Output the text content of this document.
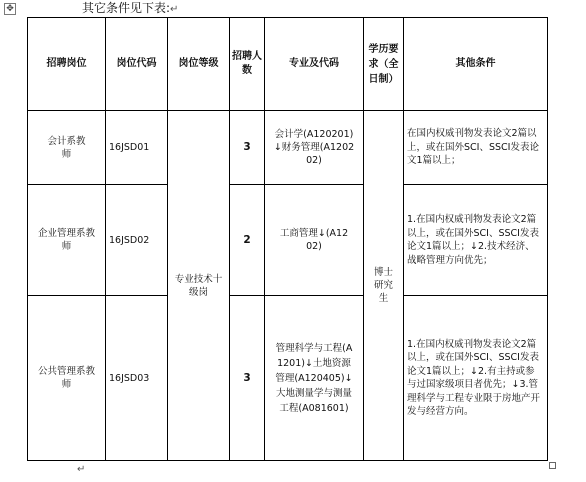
✥	其它条件见下表:↵
招聘岗位	岗位代码	岗位等级	招聘人数	专业及代码	学历要求（全日制）	其他条件
会计系教师	16JSD01	专业技术十级岗	3	会计学(A120201)↓财务管理(A120202)	博士研究生	在国内权威刊物发表论文2篇以上，或在国外SCI、SSCI发表论文1篇以上；
企业管理系教师	16JSD02		2	工商管理↓(A1202)		1.在国内权威刊物发表论文2篇以上，或在国外SCI、SSCI发表论文1篇以上；↓2.技术经济、战略管理方向优先；
公共管理系教师	16JSD03		3	管理科学与工程(A1201)↓土地资源管理(A120405)↓大地测量学与测量工程(A081601)		1.在国内权威刊物发表论文2篇以上，或在国外SCI、SSCI发表论文1篇以上；↓2.有主持或参与过国家级项目者优先；↓3.管理科学与工程专业限于房地产开发与经营方向。
↵
